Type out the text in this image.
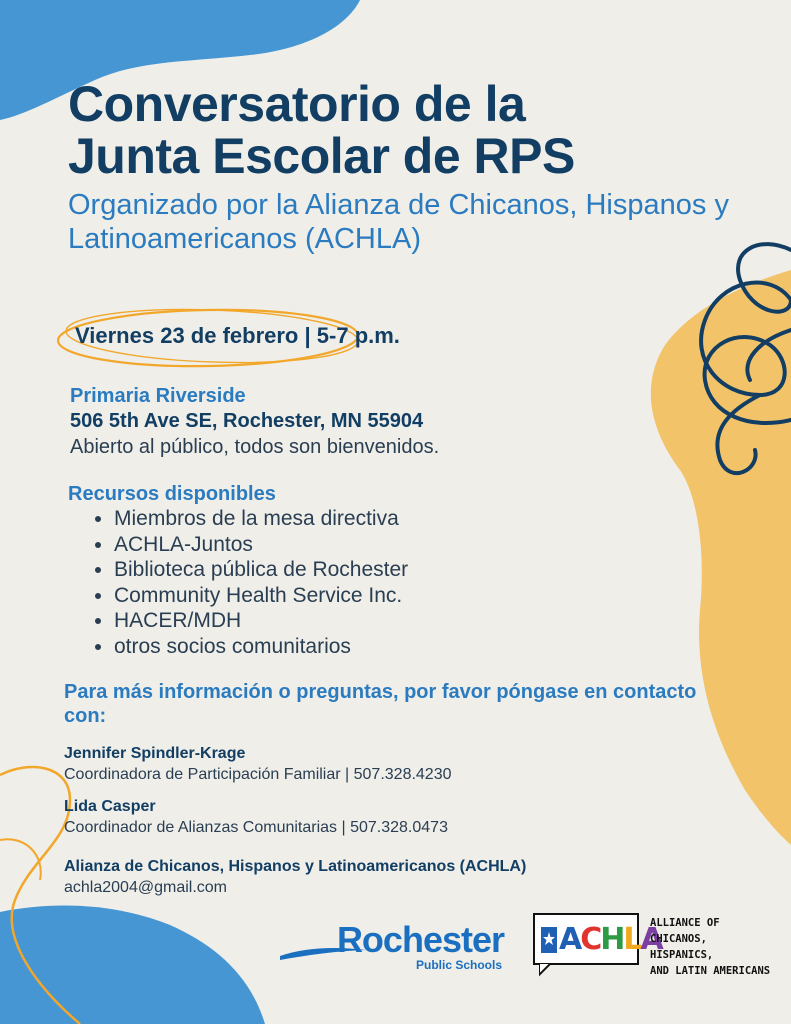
Conversatorio de la
Junta Escolar de RPS
Organizado por la Alianza de Chicanos, Hispanos y Latinoamericanos (ACHLA)
Viernes 23 de febrero | 5-7 p.m.
Primaria Riverside
506 5th Ave SE, Rochester, MN 55904
Abierto al público, todos son bienvenidos.
Recursos disponibles
• Miembros de la mesa directiva
• ACHLA-Juntos
• Biblioteca pública de Rochester
• Community Health Service Inc.
• HACER/MDH
• otros socios comunitarios
Para más información o preguntas, por favor póngase en contacto con:
Jennifer Spindler-Krage
Coordinadora de Participación Familiar | 507.328.4230
Lida Casper
Coordinador de Alianzas Comunitarias | 507.328.0473
Alianza de Chicanos, Hispanos y Latinoamericanos (ACHLA)
achla2004@gmail.com
Rochester
Public Schools
ACHLA
ALLIANCE OF
CHICANOS, HISPANICS,
AND LATIN AMERICANS
